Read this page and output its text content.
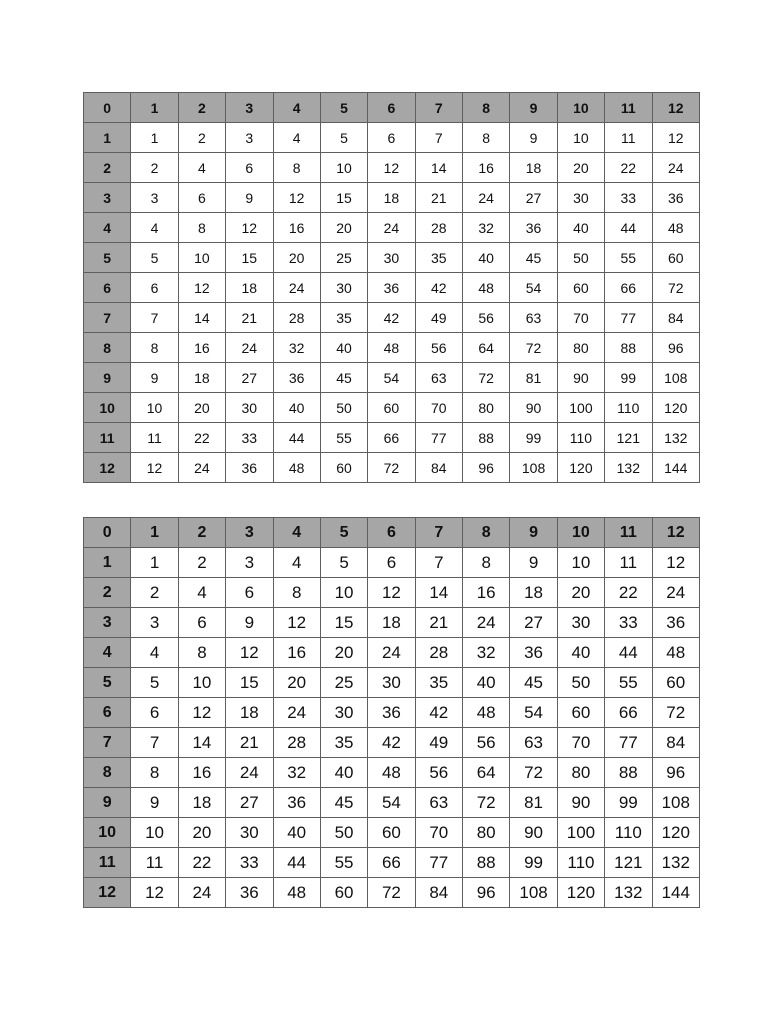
0	1	2	3	4	5	6	7	8	9	10	11	12
1	1	2	3	4	5	6	7	8	9	10	11	12
2	2	4	6	8	10	12	14	16	18	20	22	24
3	3	6	9	12	15	18	21	24	27	30	33	36
4	4	8	12	16	20	24	28	32	36	40	44	48
5	5	10	15	20	25	30	35	40	45	50	55	60
6	6	12	18	24	30	36	42	48	54	60	66	72
7	7	14	21	28	35	42	49	56	63	70	77	84
8	8	16	24	32	40	48	56	64	72	80	88	96
9	9	18	27	36	45	54	63	72	81	90	99	108
10	10	20	30	40	50	60	70	80	90	100	110	120
11	11	22	33	44	55	66	77	88	99	110	121	132
12	12	24	36	48	60	72	84	96	108	120	132	144
0	1	2	3	4	5	6	7	8	9	10	11	12
1	1	2	3	4	5	6	7	8	9	10	11	12
2	2	4	6	8	10	12	14	16	18	20	22	24
3	3	6	9	12	15	18	21	24	27	30	33	36
4	4	8	12	16	20	24	28	32	36	40	44	48
5	5	10	15	20	25	30	35	40	45	50	55	60
6	6	12	18	24	30	36	42	48	54	60	66	72
7	7	14	21	28	35	42	49	56	63	70	77	84
8	8	16	24	32	40	48	56	64	72	80	88	96
9	9	18	27	36	45	54	63	72	81	90	99	108
10	10	20	30	40	50	60	70	80	90	100	110	120
11	11	22	33	44	55	66	77	88	99	110	121	132
12	12	24	36	48	60	72	84	96	108	120	132	144
